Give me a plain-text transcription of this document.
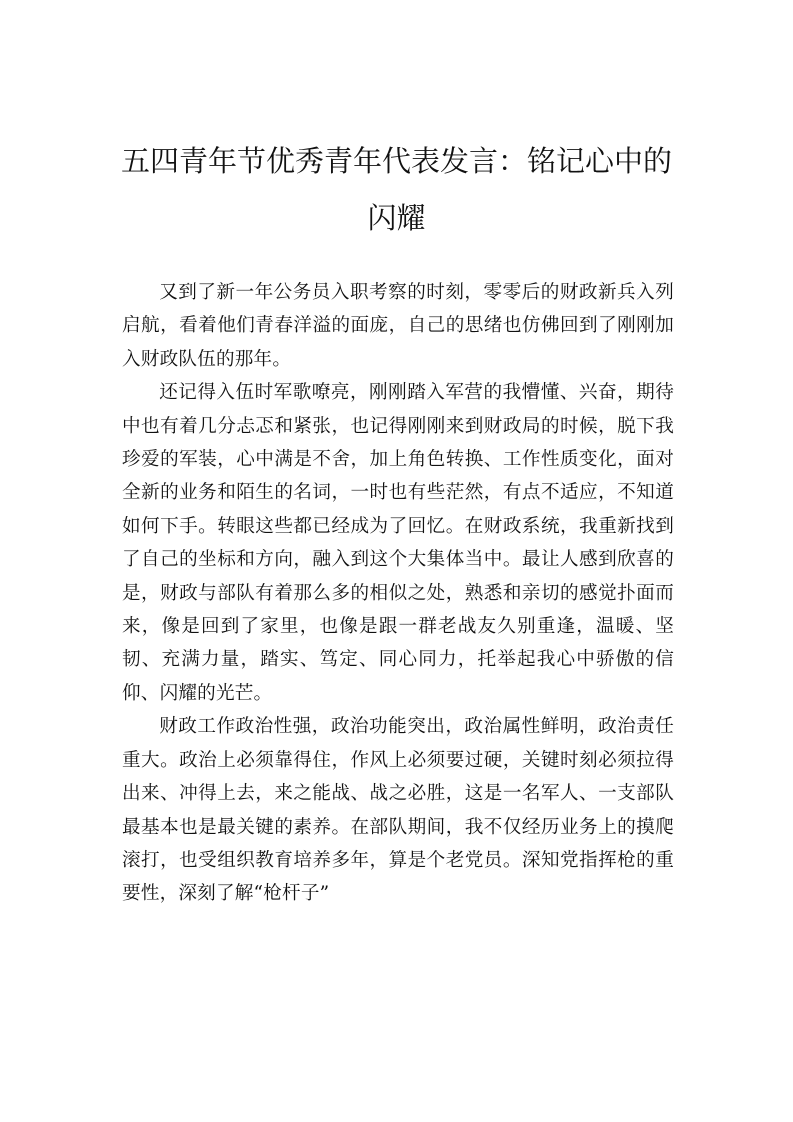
五四青年节优秀青年代表发言：铭记心中的
闪耀

又到了新一年公务员入职考察的时刻，零零后的财政新兵入列启航，看着他们青春洋溢的面庞，自己的思绪也仿佛回到了刚刚加入财政队伍的那年。

还记得入伍时军歌嘹亮，刚刚踏入军营的我懵懂、兴奋，期待中也有着几分忐忑和紧张，也记得刚刚来到财政局的时候，脱下我珍爱的军装，心中满是不舍，加上角色转换、工作性质变化，面对全新的业务和陌生的名词，一时也有些茫然，有点不适应，不知道如何下手。转眼这些都已经成为了回忆。在财政系统，我重新找到了自己的坐标和方向，融入到这个大集体当中。最让人感到欣喜的是，财政与部队有着那么多的相似之处，熟悉和亲切的感觉扑面而来，像是回到了家里，也像是跟一群老战友久别重逢，温暖、坚韧、充满力量，踏实、笃定、同心同力，托举起我心中骄傲的信仰、闪耀的光芒。

财政工作政治性强，政治功能突出，政治属性鲜明，政治责任重大。政治上必须靠得住，作风上必须要过硬，关键时刻必须拉得出来、冲得上去，来之能战、战之必胜，这是一名军人、一支部队最基本也是最关键的素养。在部队期间，我不仅经历业务上的摸爬滚打，也受组织教育培养多年，算是个老党员。深知党指挥枪的重要性，深刻了解“枪杆子”
